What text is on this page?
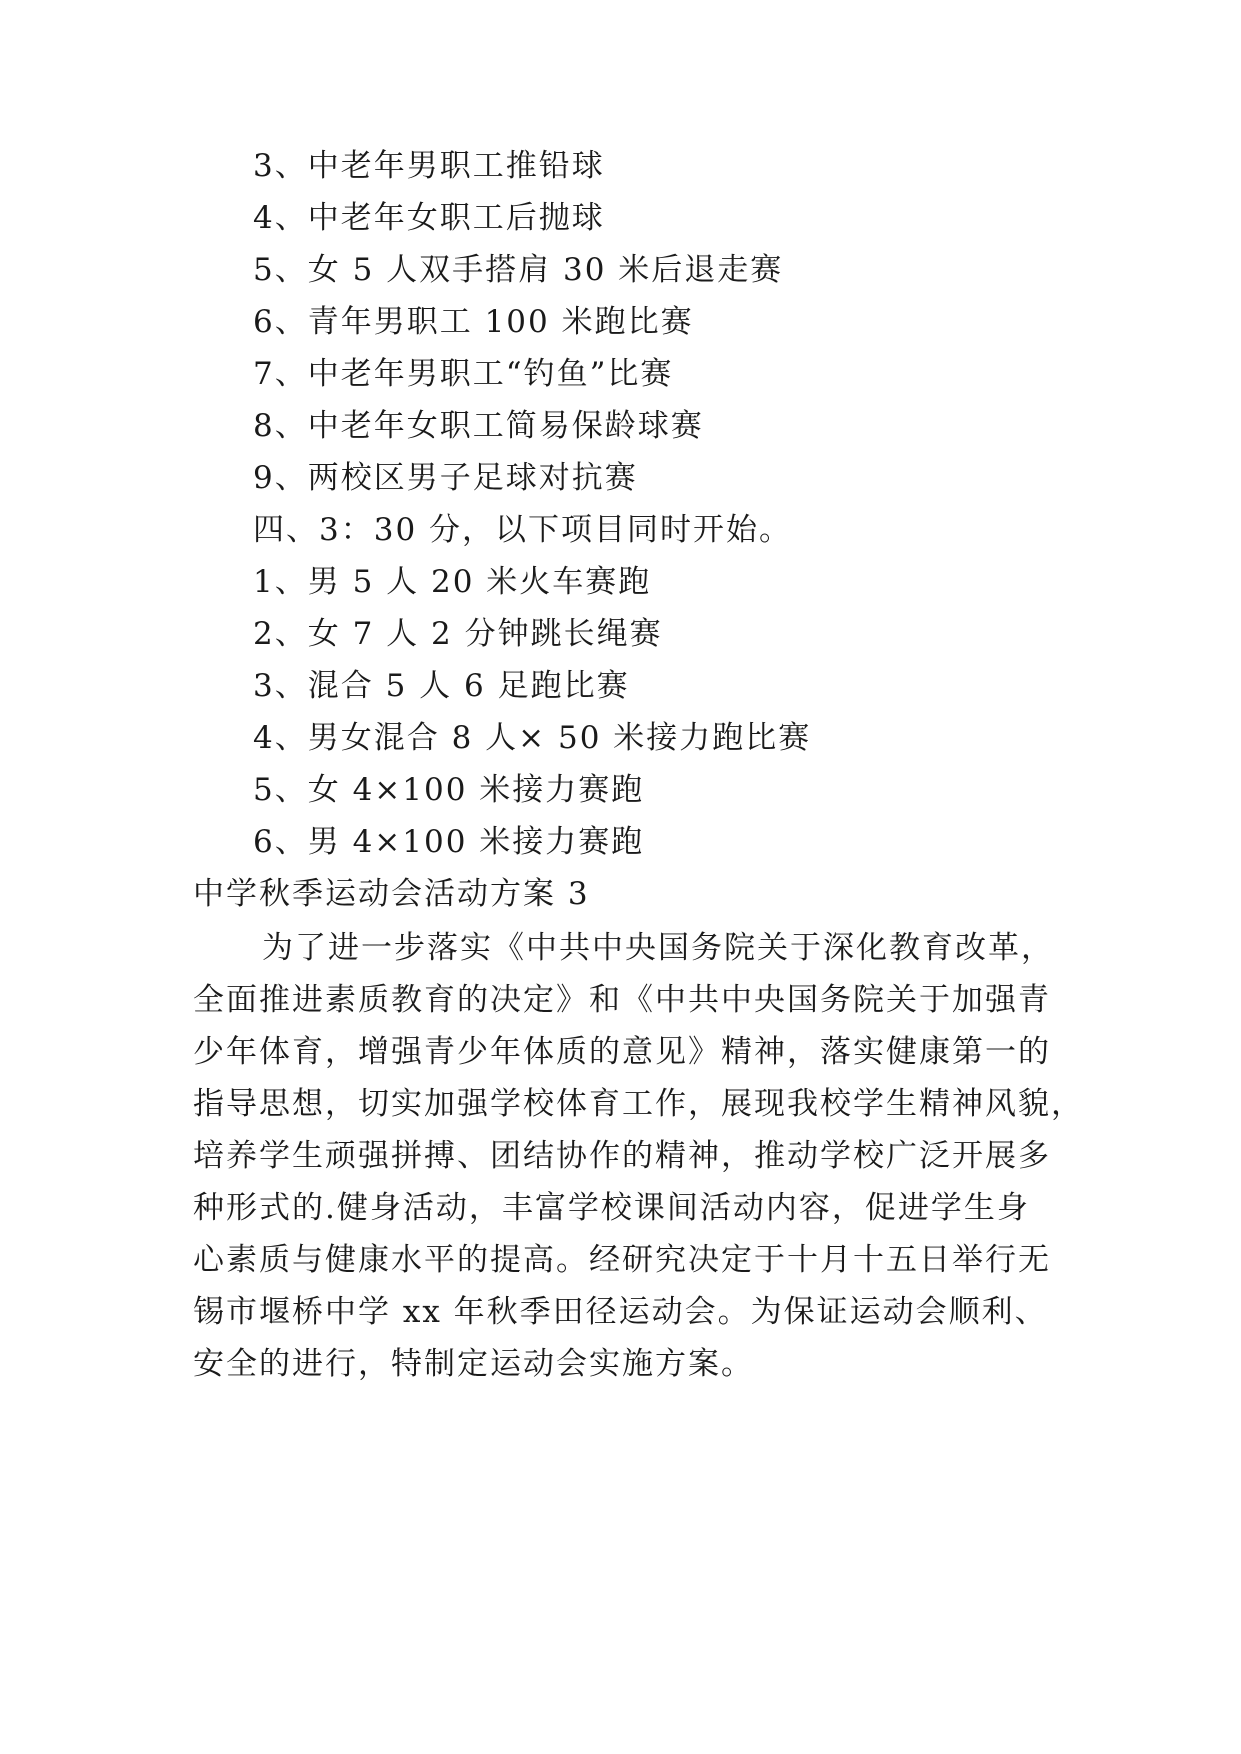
3、中老年男职工推铅球
4、中老年女职工后抛球
5、女 5 人双手搭肩 30 米后退走赛
6、青年男职工 100 米跑比赛
7、中老年男职工“钓鱼”比赛
8、中老年女职工简易保龄球赛
9、两校区男子足球对抗赛
四、3：30 分，以下项目同时开始。
1、男 5 人 20 米火车赛跑
2、女 7 人 2 分钟跳长绳赛
3、混合 5 人 6 足跑比赛
4、男女混合 8 人× 50 米接力跑比赛
5、女 4×100 米接力赛跑
6、男 4×100 米接力赛跑
中学秋季运动会活动方案 3
为了进一步落实《中共中央国务院关于深化教育改革，
全面推进素质教育的决定》和《中共中央国务院关于加强青
少年体育，增强青少年体质的意见》精神，落实健康第一的
指导思想，切实加强学校体育工作，展现我校学生精神风貌，
培养学生顽强拼搏、团结协作的精神，推动学校广泛开展多
种形式的.健身活动，丰富学校课间活动内容，促进学生身
心素质与健康水平的提高。经研究决定于十月十五日举行无
锡市堰桥中学 xx 年秋季田径运动会。为保证运动会顺利、
安全的进行，特制定运动会实施方案。
